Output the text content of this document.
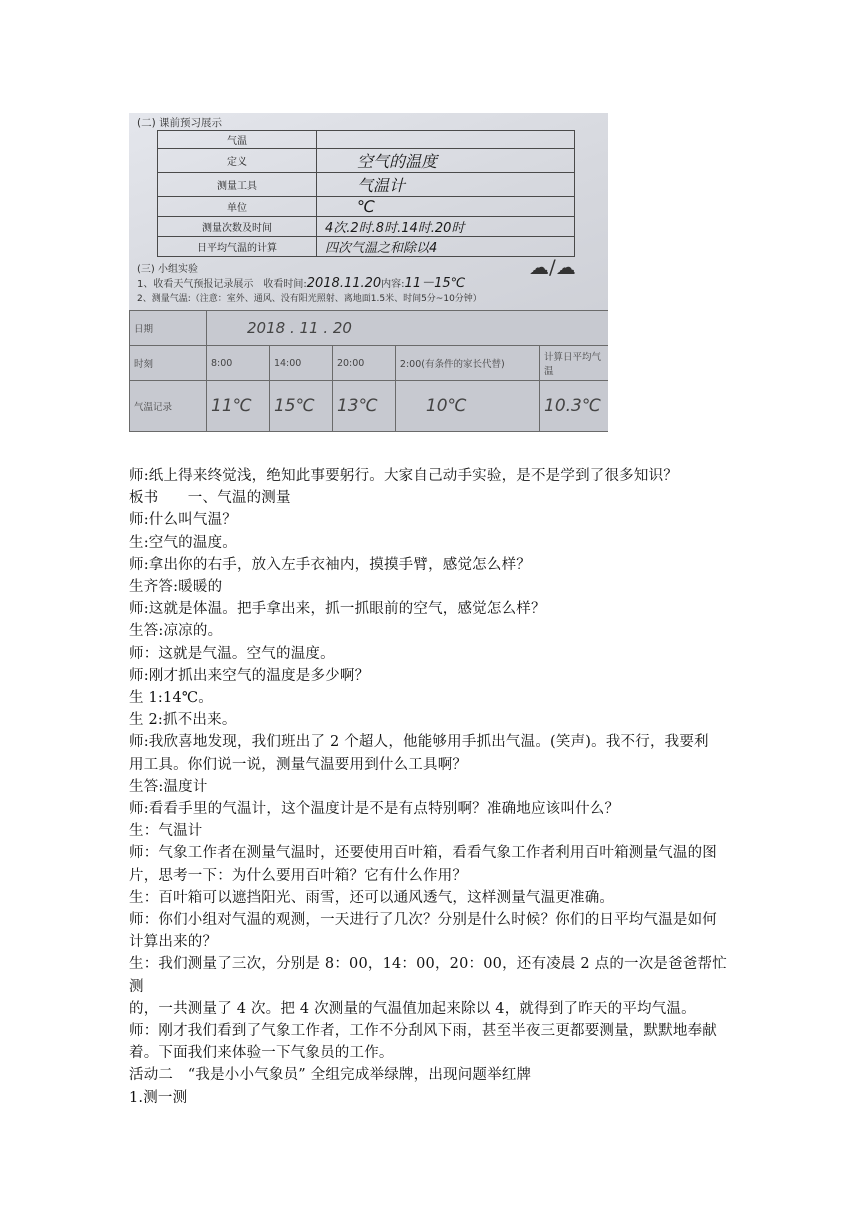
(二) 课前预习展示
气温	
定义	空气的温度
测量工具	气温计
单位	℃
测量次数及时间	4次.2时.8时.14时.20时
日平均气温的计算	四次气温之和除以4
(三) 小组实验
1、收看天气预报记录展示　收看时间:2018.11.20内容:11－15℃
2、测量气温:（注意：室外、通风、没有阳光照射、离地面1.5米、时间5分~10分钟）
☁/☁
日期	2018 . 11 . 20				
时刻	8:00	14:00	20:00	2:00(有条件的家长代替)	计算日平均气温
气温记录	11℃	15℃	13℃	10℃	10.3℃

师:纸上得来终觉浅，绝知此事要躬行。大家自己动手实验，是不是学到了很多知识？

板书　　一、气温的测量

师:什么叫气温？

生:空气的温度。

师:拿出你的右手，放入左手衣袖内，摸摸手臂，感觉怎么样？

生齐答:暖暖的

师:这就是体温。把手拿出来，抓一抓眼前的空气，感觉怎么样？

生答:凉凉的。

师：这就是气温。空气的温度。

师:刚才抓出来空气的温度是多少啊？

生 1:14℃。

生 2:抓不出来。

师:我欣喜地发现，我们班出了 2 个超人，他能够用手抓出气温。(笑声)。我不行，我要利

用工具。你们说一说，测量气温要用到什么工具啊？

生答:温度计

师:看看手里的气温计，这个温度计是不是有点特别啊？准确地应该叫什么？

生：气温计

师：气象工作者在测量气温时，还要使用百叶箱，看看气象工作者利用百叶箱测量气温的图

片，思考一下：为什么要用百叶箱？它有什么作用？

生：百叶箱可以遮挡阳光、雨雪，还可以通风透气，这样测量气温更准确。

师：你们小组对气温的观测，一天进行了几次？分别是什么时候？你们的日平均气温是如何

计算出来的？

生：我们测量了三次，分别是 8：00，14：00，20：00，还有凌晨 2 点的一次是爸爸帮忙测

的，一共测量了 4 次。把 4 次测量的气温值加起来除以 4，就得到了昨天的平均气温。

师：刚才我们看到了气象工作者，工作不分刮风下雨，甚至半夜三更都要测量，默默地奉献

着。下面我们来体验一下气象员的工作。

活动二　“我是小小气象员” 全组完成举绿牌，出现问题举红牌

1.测一测
